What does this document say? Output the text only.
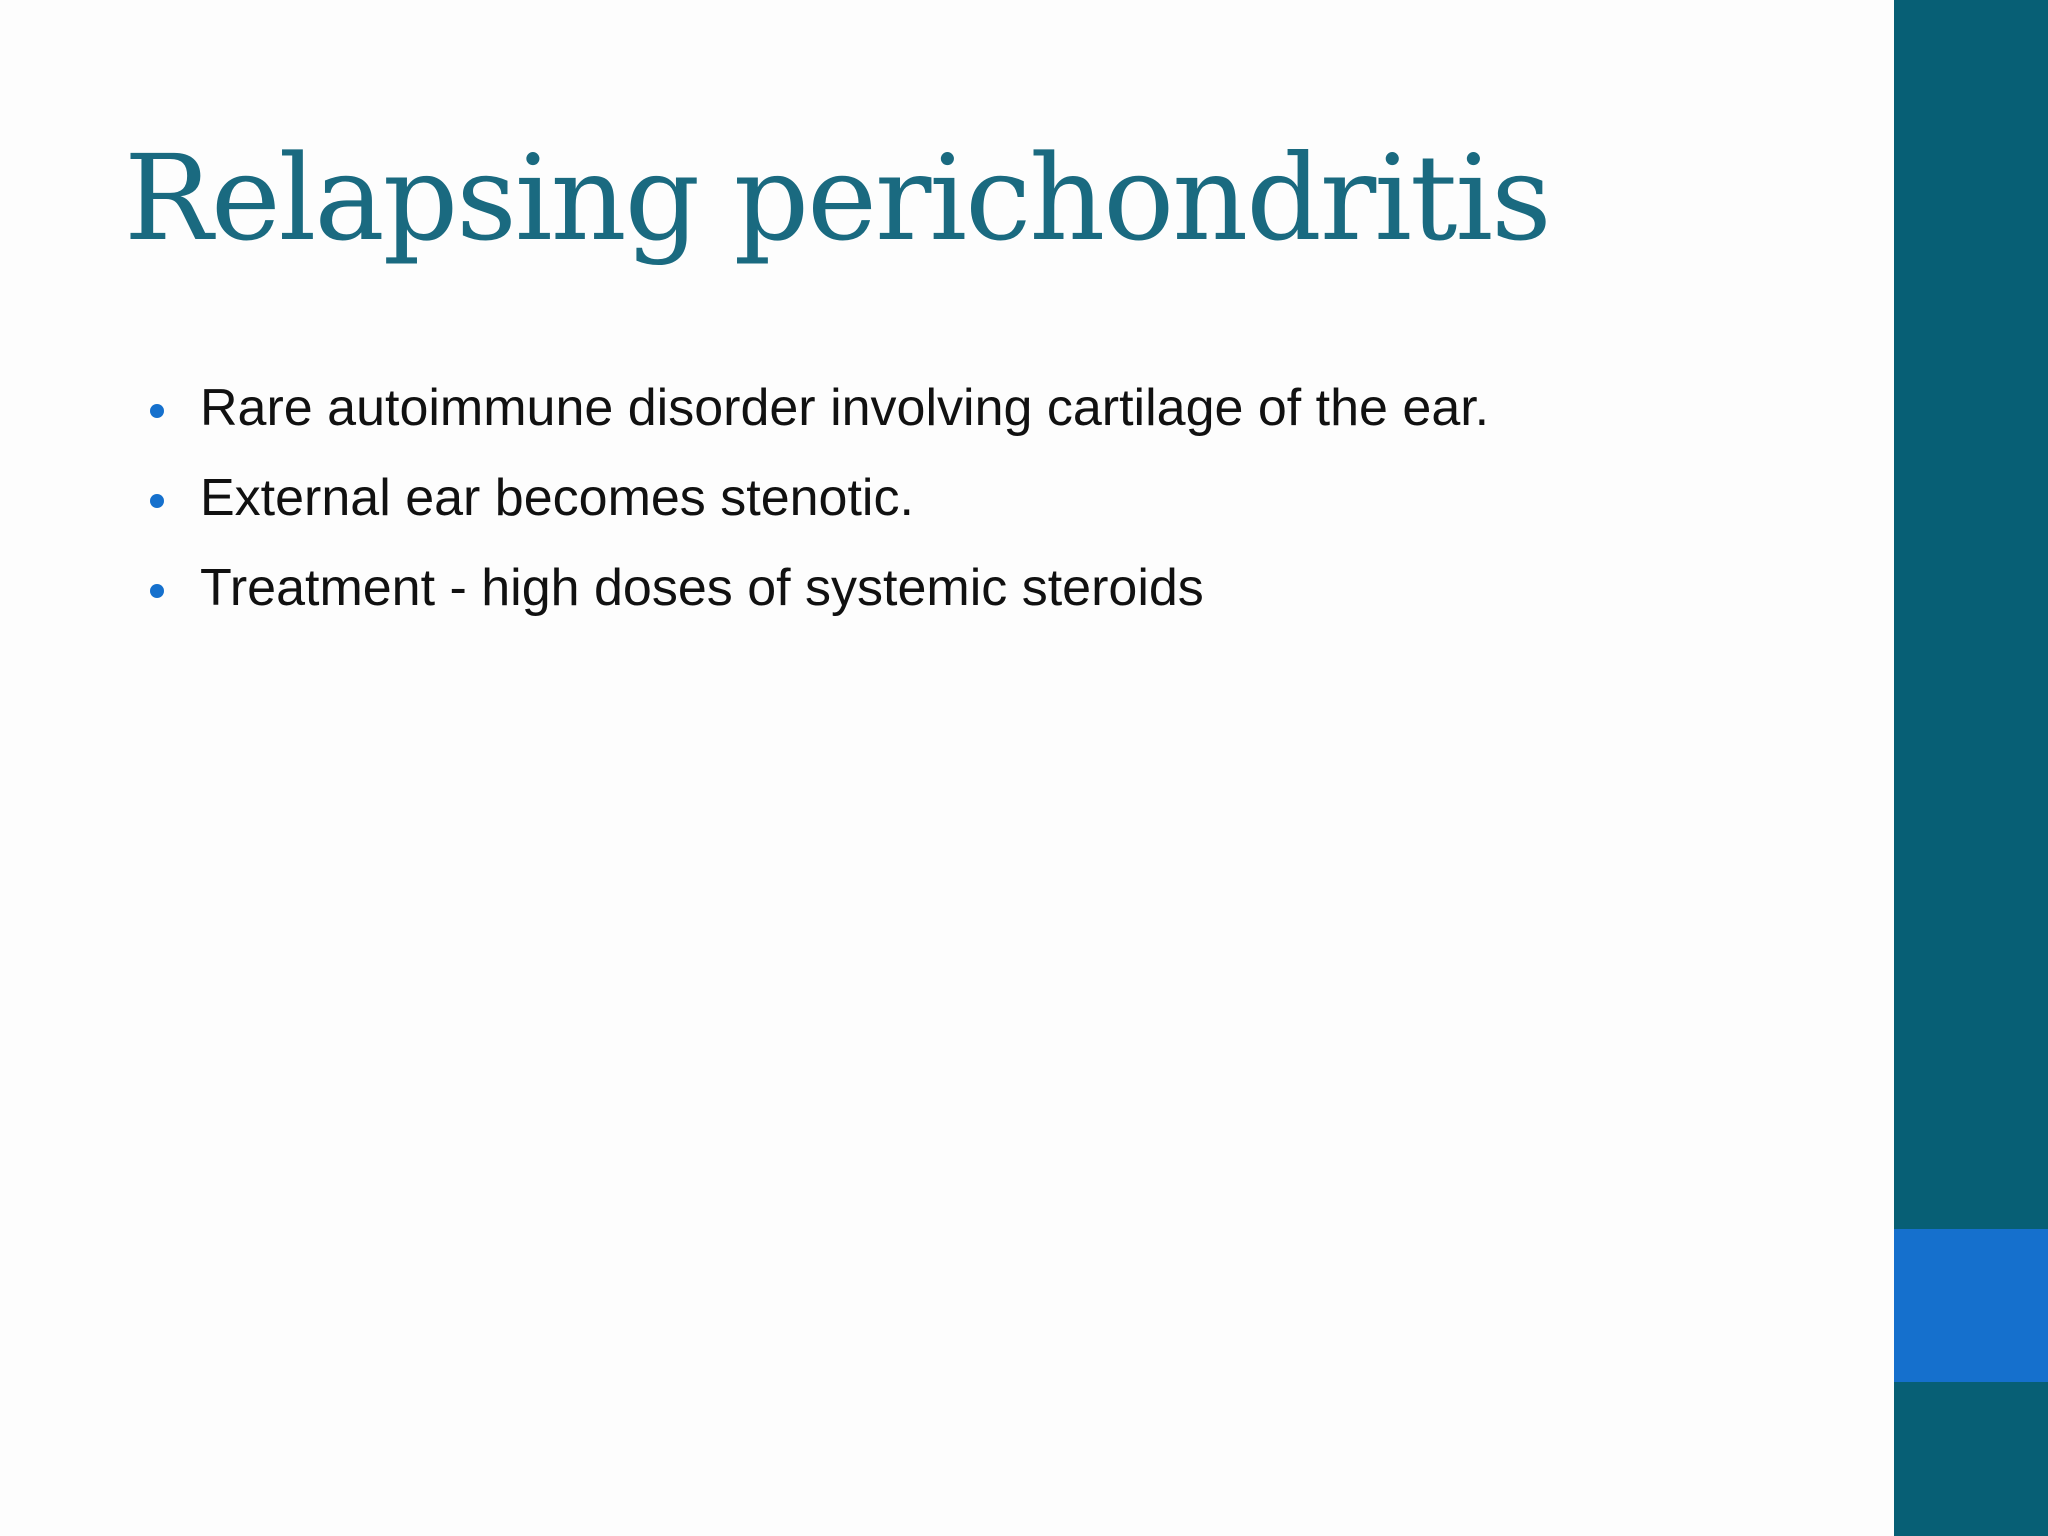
Relapsing perichondritis
Rare autoimmune disorder involving cartilage of the ear.
External ear becomes stenotic.
Treatment - high doses of systemic steroids
